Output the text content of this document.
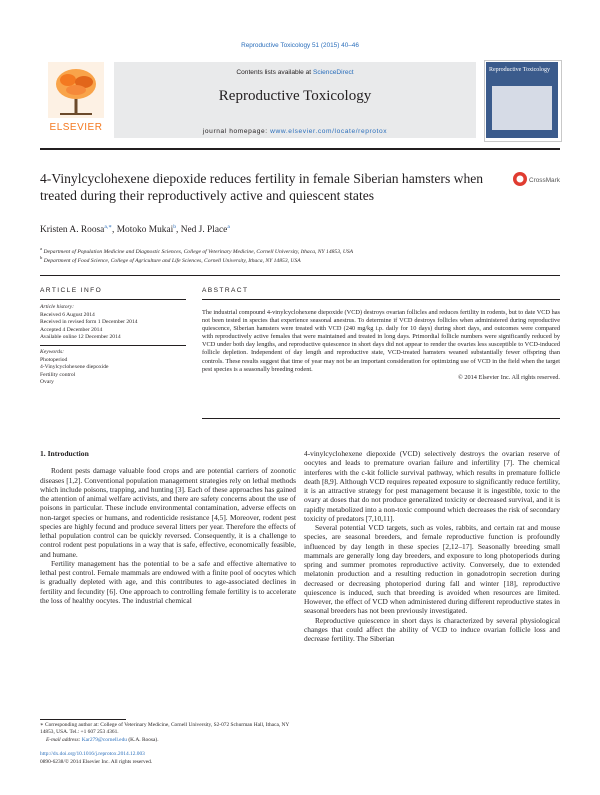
Reproductive Toxicology 51 (2015) 40–46
ELSEVIER
Contents lists available at ScienceDirect
Reproductive Toxicology
journal homepage: www.elsevier.com/locate/reprotox
Reproductive Toxicology
4-Vinylcyclohexene diepoxide reduces fertility in female Siberian hamsters when treated during their reproductively active and quiescent states
CrossMark
Kristen A. Roosa$^{a,∗}$, Motoko Mukai$^b$, Ned J. Place$^a$
$^a$ Department of Population Medicine and Diagnostic Sciences, College of Veterinary Medicine, Cornell University, Ithaca, NY 14853, USA
$^b$ Department of Food Science, College of Agriculture and Life Sciences, Cornell University, Ithaca, NY 14853, USA
ARTICLE INFO
Article history:
Received 6 August 2014
Received in revised form 1 December 2014
Accepted 4 December 2014
Available online 12 December 2014
Keywords:
Photoperiod
4-Vinylcyclohexene diepoxide
Fertility control
Ovary
ABSTRACT
The industrial compound 4-vinylcyclohexene diepoxide (VCD) destroys ovarian follicles and reduces fertility in rodents, but to date VCD has not been tested in species that experience seasonal anestrus. To determine if VCD destroys follicles when administered during reproductive quiescence, Siberian hamsters were treated with VCD (240 mg/kg i.p. daily for 10 days) during short days, and outcomes were compared with reproductively active females that were maintained and treated in long days. Primordial follicle numbers were significantly reduced by VCD under both day lengths, and reproductive quiescence in short days did not appear to render the ovaries less susceptible to VCD-induced follicle depletion. Independent of day length and reproductive state, VCD-treated hamsters weaned substantially fewer offspring than controls. These results suggest that time of year may not be an important consideration for optimizing use of VCD in the field when the target pest species is a seasonally breeding rodent.
© 2014 Elsevier Inc. All rights reserved.
1. Introduction

Rodent pests damage valuable food crops and are potential carriers of zoonotic diseases [1,2]. Conventional population management strategies rely on lethal methods which include poisons, trapping, and hunting [3]. Each of these approaches has gained the attention of animal welfare activists, and there are safety concerns about the use of poisons in particular. These include environmental contamination, adverse effects on non-target species or humans, and rodenticide resistance [4,5]. Moreover, rodent pest species are highly fecund and produce several litters per year. Therefore the effects of lethal population control can be quickly reversed. Consequently, it is a challenge to control rodent pest populations in a way that is safe, effective, economically feasible, and humane.

Fertility management has the potential to be a safe and effective alternative to lethal pest control. Female mammals are endowed with a finite pool of oocytes which is gradually depleted with age, and this contributes to age-associated declines in fertility and fecundity [6]. One approach to controlling female fertility is to accelerate the loss of healthy oocytes. The industrial chemical

4-vinylcyclohexene diepoxide (VCD) selectively destroys the ovarian reserve of oocytes and leads to premature ovarian failure and infertility [7]. The chemical interferes with the c-kit follicle survival pathway, which results in premature follicle death [8,9]. Although VCD requires repeated exposure to significantly reduce fertility, it is an attractive strategy for pest management because it is ingestible, toxic to the ovary at doses that do not produce generalized toxicity or decreased survival, and it is rapidly metabolized into a non-toxic compound which decreases the risk of secondary toxicity of predators [7,10,11].

Several potential VCD targets, such as voles, rabbits, and certain rat and mouse species, are seasonal breeders, and female reproductive function is profoundly influenced by day length in these species [2,12–17]. Seasonally breeding small mammals are generally long day breeders, and exposure to long photoperiods during spring and summer promotes reproductive activity. Conversely, due to extended melatonin production and a resulting reduction in gonadotropin secretion during decreased or decreasing photoperiod during fall and winter [18], reproductive quiescence is induced, such that breeding is avoided when resources are limited. However, the effect of VCD when administered during different reproductive states in seasonal breeders has not been previously investigated.

Reproductive quiescence in short days is characterized by several physiological changes that could affect the ability of VCD to induce ovarian follicle loss and decrease fertility. The Siberian

∗ Corresponding author at: College of Veterinary Medicine, Cornell University, S2-072 Schurman Hall, Ithaca, NY 14853, USA. Tel.: +1 607 253 4361.
E-mail address: Kar279@cornell.edu (K.A. Roosa).
http://dx.doi.org/10.1016/j.reprotox.2014.12.003
0890-6238/© 2014 Elsevier Inc. All rights reserved.
